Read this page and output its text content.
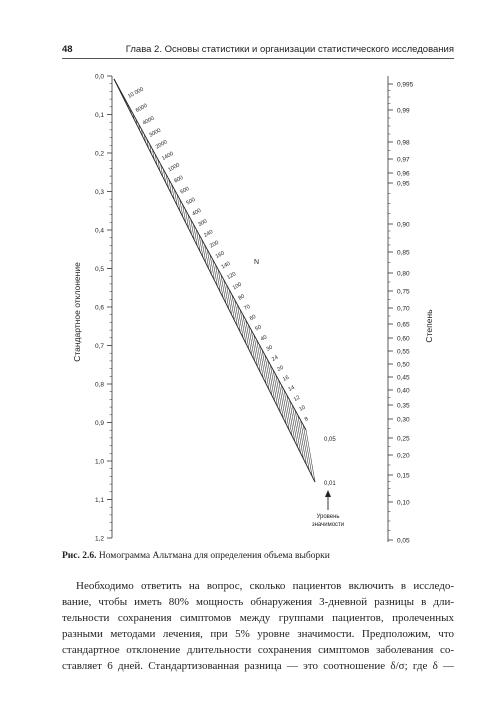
48	Глава 2. Основы статистики и организации статистического исследования
0,0
0,1
0,2
0,3
0,4
0,5
0,6
0,7
0,8
0,9
1,0
1,1
1,2
0,995
0,99
0,98
0,97
0,96
0,95
0,90
0,85
0,80
0,75
0,70
0,65
0,60
0,55
0,50
0,45
0,40
0,35
0,30
0,25
0,20
0,15
0,10
0,05
10 000
6000
4000
3000
2000
1400
1000
800
600
500
400
300
240
200
160
140
120
100
80
70
60
50
40
30
24
20
16
14
12
10
8
Стандартное отклонение	Степень
N
0,05
0,01
Уровень
значимости
Рис. 2.6. Номограмма Альтмана для определения объема выборки
Необходимо ответить на вопрос, сколько пациентов включить в исследо-
вание, чтобы иметь 80% мощность обнаружения 3-дневной разницы в дли-
тельности сохранения симптомов между группами пациентов, пролеченных
разными методами лечения, при 5% уровне значимости. Предположим, что
стандартное отклонение длительности сохранения симптомов заболевания со-
ставляет 6 дней. Стандартизованная разница — это соотношение δ/σ; где δ —
